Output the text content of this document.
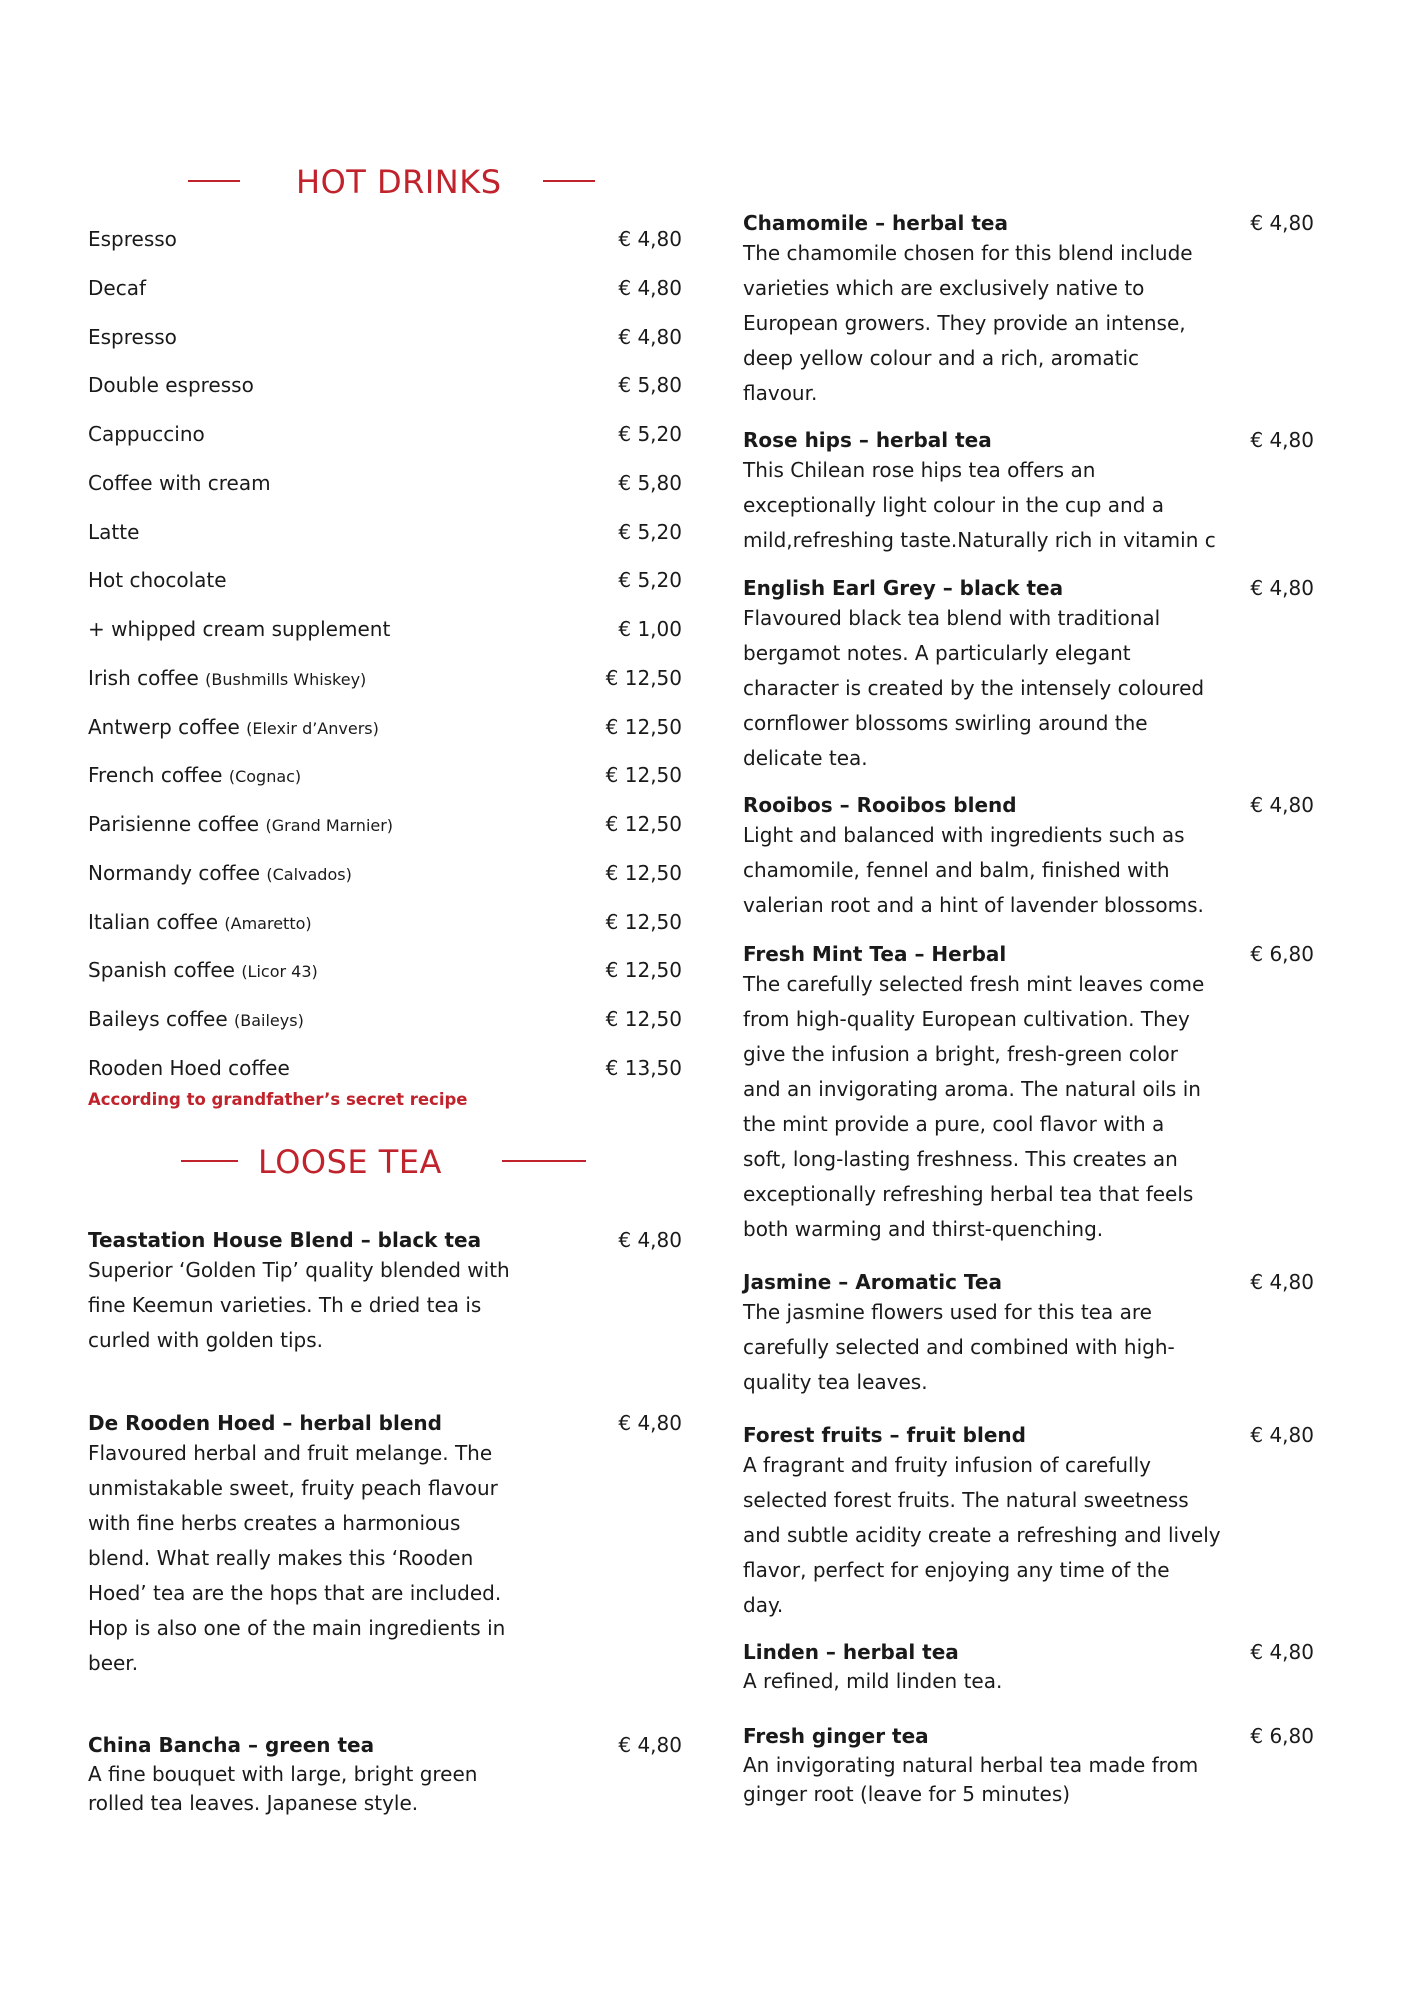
HOT DRINKS
Espresso	€ 4,80
Decaf	€ 4,80
Espresso	€ 4,80
Double espresso	€ 5,80
Cappuccino	€ 5,20
Coffee with cream	€ 5,80
Latte	€ 5,20
Hot chocolate	€ 5,20
+ whipped cream supplement	€ 1,00
Irish coffee (Bushmills Whiskey)	€ 12,50
Antwerp coffee (Elexir d’Anvers)	€ 12,50
French coffee (Cognac)	€ 12,50
Parisienne coffee (Grand Marnier)	€ 12,50
Normandy coffee (Calvados)	€ 12,50
Italian coffee (Amaretto)	€ 12,50
Spanish coffee (Licor 43)	€ 12,50
Baileys coffee (Baileys)	€ 12,50
Rooden Hoed coffee	€ 13,50
According to grandfather’s secret recipe
LOOSE TEA
Teastation House Blend – black tea	€ 4,80
Superior ‘Golden Tip’ quality blended with
fine Keemun varieties. Th e dried tea is
curled with golden tips.
De Rooden Hoed – herbal blend	€ 4,80
Flavoured herbal and fruit melange. The
unmistakable sweet, fruity peach flavour
with fine herbs creates a harmonious
blend. What really makes this ‘Rooden
Hoed’ tea are the hops that are included.
Hop is also one of the main ingredients in
beer.
China Bancha – green tea	€ 4,80
A fine bouquet with large, bright green
rolled tea leaves. Japanese style.
Chamomile – herbal tea	€ 4,80
The chamomile chosen for this blend include
varieties which are exclusively native to
European growers. They provide an intense,
deep yellow colour and a rich, aromatic
flavour.
Rose hips – herbal tea	€ 4,80
This Chilean rose hips tea offers an
exceptionally light colour in the cup and a
mild,refreshing taste.Naturally rich in vitamin c
English Earl Grey – black tea	€ 4,80
Flavoured black tea blend with traditional
bergamot notes. A particularly elegant
character is created by the intensely coloured
cornflower blossoms swirling around the
delicate tea.
Rooibos – Rooibos blend	€ 4,80
Light and balanced with ingredients such as
chamomile, fennel and balm, finished with
valerian root and a hint of lavender blossoms.
Fresh Mint Tea – Herbal	€ 6,80
The carefully selected fresh mint leaves come
from high-quality European cultivation. They
give the infusion a bright, fresh-green color
and an invigorating aroma. The natural oils in
the mint provide a pure, cool flavor with a
soft, long-lasting freshness. This creates an
exceptionally refreshing herbal tea that feels
both warming and thirst-quenching.
Jasmine – Aromatic Tea	€ 4,80
The jasmine flowers used for this tea are
carefully selected and combined with high-
quality tea leaves.
Forest fruits – fruit blend	€ 4,80
A fragrant and fruity infusion of carefully
selected forest fruits. The natural sweetness
and subtle acidity create a refreshing and lively
flavor, perfect for enjoying any time of the
day.
Linden – herbal tea	€ 4,80
A refined, mild linden tea.
Fresh ginger tea	€ 6,80
An invigorating natural herbal tea made from
ginger root (leave for 5 minutes)
